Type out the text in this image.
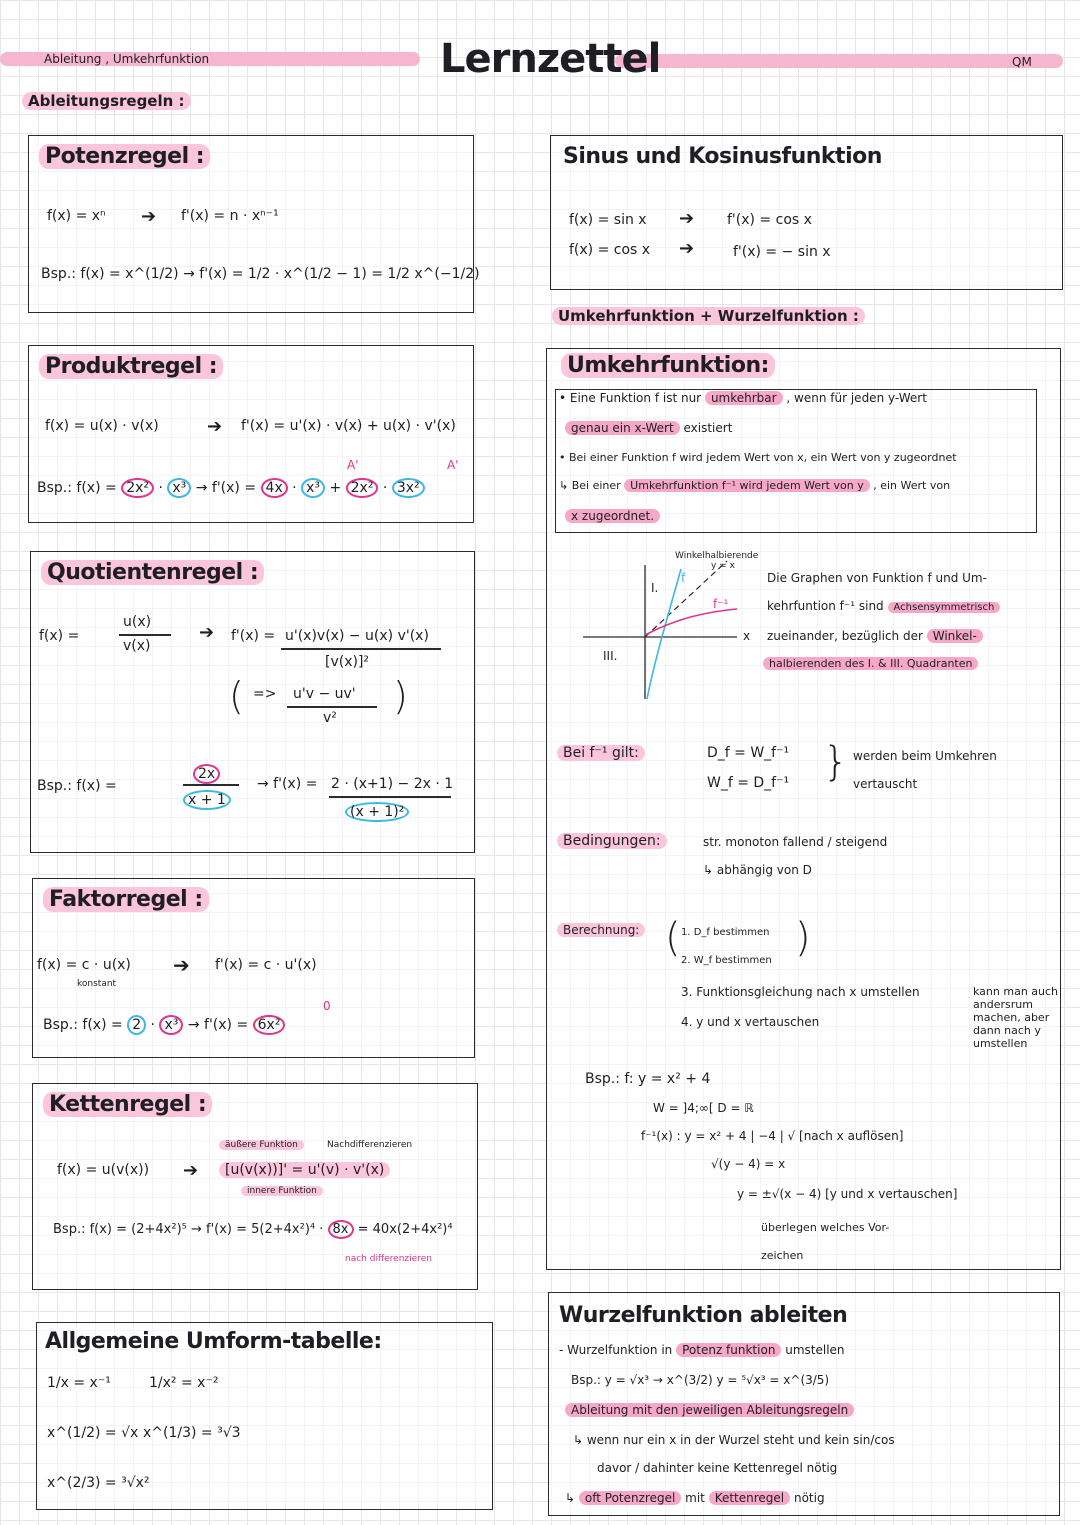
Ableitung , Umkehrfunktion	Lernzettel	QM
Ableitungsregeln :
Potenzregel :
f(x) = xⁿ ➔ f'(x) = n · xⁿ⁻¹
Bsp.: f(x) = x^(1/2) → f'(x) = 1/2 · x^(1/2 − 1) = 1/2 x^(−1/2)
Produktregel :
f(x) = u(x) · v(x)	➔ f'(x) = u'(x) · v(x) + u(x) · v'(x)
Bsp.: f(x) = 2x² · x³ → f'(x) = 4x · x³ + 2x² · 3x²
A'	A'
Quotientenregel :
f(x) =
u(x)
v(x)
➔ f'(x) = u'(x)v(x) − u(x) v'(x)
[v(x)]²
( => u'v − uv'
v² )
Bsp.: f(x) =
2x
x + 1
→ f'(x) = 2 · (x+1) − 2x · 1
(x + 1)²
Faktorregel :
f(x) = c · u(x)
konstant
➔ f'(x) = c · u'(x)
Bsp.: f(x) = 2 · x³ → f'(x) = 6x²
0
Kettenregel :
äußere Funktion	Nachdifferenzieren
f(x) = u(v(x)) ➔	[u(v(x))]' = u'(v) · v'(x)
innere Funktion
Bsp.: f(x) = (2+4x²)⁵ → f'(x) = 5(2+4x²)⁴ · 8x = 40x(2+4x²)⁴
nach differenzieren
Allgemeine Umform-tabelle:
1/x = x⁻¹	1/x² = x⁻²
x^(1/2) = √x x^(1/3) = ³√3
x^(2/3) = ³√x²
Sinus und Kosinusfunktion
f(x) = sin x ➔ f'(x) = cos x
f(x) = cos x ➔	f'(x) = − sin x
Umkehrfunktion + Wurzelfunktion :
Umkehrfunktion:
• Eine Funktion f ist nur umkehrbar , wenn für jeden y-Wert
genau ein x-Wert existiert
• Bei einer Funktion f wird jedem Wert von x, ein Wert von y zugeordnet
↳ Bei einer Umkehrfunktion f⁻¹ wird jedem Wert von y , ein Wert von
x zugeordnet.
Winkelhalbierende
y = x
f
f⁻¹
x
I.
III.
Die Graphen von Funktion f und Um-
kehrfuntion f⁻¹ sind Achsensymmetrisch
zueinander, bezüglich der Winkel-
halbierenden des I. & III. Quadranten
Bei f⁻¹ gilt:	D_f = W_f⁻¹
W_f = D_f⁻¹ } werden beim Umkehren
vertauscht
Bedingungen:	str. monoton fallend / steigend
↳ abhängig von D
Berechnung: ( 1. D_f bestimmen
2. W_f bestimmen )
3. Funktionsgleichung nach x umstellen
4. y und x vertauschen
kann man auch andersrum machen, aber dann nach y umstellen
Bsp.: f: y = x² + 4
W = ]4;∞[ D = ℝ
f⁻¹(x) : y = x² + 4 | −4 | √ [nach x auflösen]
√(y − 4) = x
y = ±√(x − 4) [y und x vertauschen]
überlegen welches Vor-
zeichen
Wurzelfunktion ableiten
- Wurzelfunktion in Potenz funktion umstellen
Bsp.: y = √x³ → x^(3/2) y = ⁵√x³ = x^(3/5)
Ableitung mit den jeweiligen Ableitungsregeln
↳ wenn nur ein x in der Wurzel steht und kein sin/cos
davor / dahinter keine Kettenregel nötig
↳ oft Potenzregel mit Kettenregel nötig
